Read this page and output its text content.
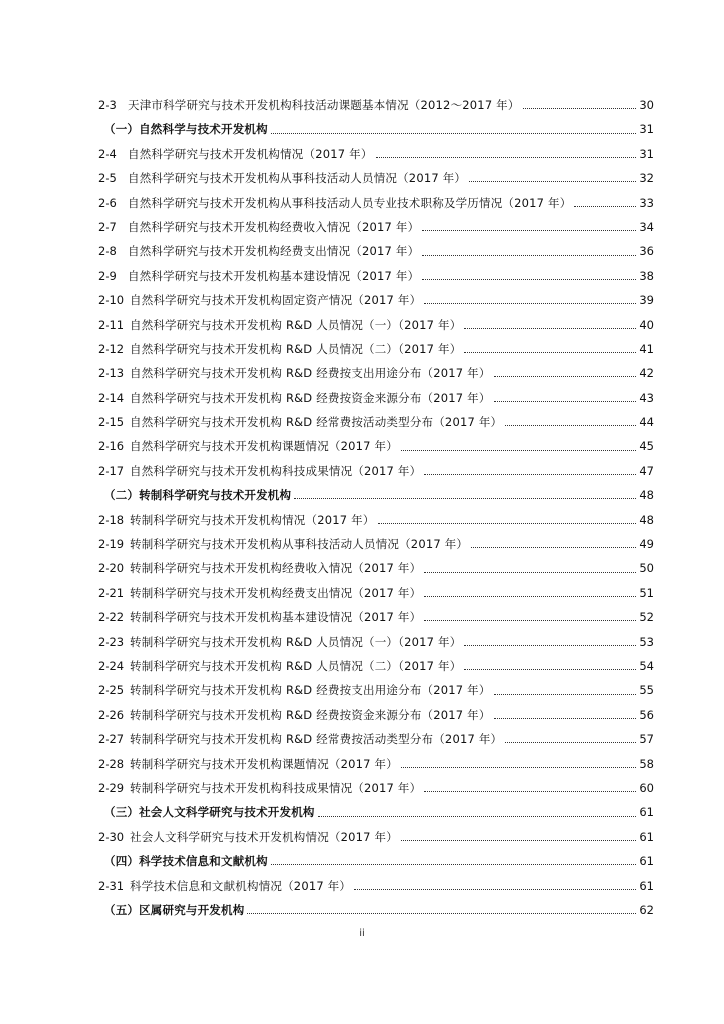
2-3 天津市科学研究与技术开发机构科技活动课题基本情况（2012～2017 年）	30
（一）自然科学与技术开发机构	31
2-4 自然科学研究与技术开发机构情况（2017 年）	31
2-5 自然科学研究与技术开发机构从事科技活动人员情况（2017 年）	32
2-6 自然科学研究与技术开发机构从事科技活动人员专业技术职称及学历情况（2017 年）	33
2-7 自然科学研究与技术开发机构经费收入情况（2017 年）	34
2-8 自然科学研究与技术开发机构经费支出情况（2017 年）	36
2-9 自然科学研究与技术开发机构基本建设情况（2017 年）	38
2-10 自然科学研究与技术开发机构固定资产情况（2017 年）	39
2-11 自然科学研究与技术开发机构 R&D 人员情况（一）（2017 年）	40
2-12 自然科学研究与技术开发机构 R&D 人员情况（二）（2017 年）	41
2-13 自然科学研究与技术开发机构 R&D 经费按支出用途分布（2017 年）	42
2-14 自然科学研究与技术开发机构 R&D 经费按资金来源分布（2017 年）	43
2-15 自然科学研究与技术开发机构 R&D 经常费按活动类型分布（2017 年）	44
2-16 自然科学研究与技术开发机构课题情况（2017 年）	45
2-17 自然科学研究与技术开发机构科技成果情况（2017 年）	47
（二）转制科学研究与技术开发机构	48
2-18 转制科学研究与技术开发机构情况（2017 年）	48
2-19 转制科学研究与技术开发机构从事科技活动人员情况（2017 年）	49
2-20 转制科学研究与技术开发机构经费收入情况（2017 年）	50
2-21 转制科学研究与技术开发机构经费支出情况（2017 年）	51
2-22 转制科学研究与技术开发机构基本建设情况（2017 年）	52
2-23 转制科学研究与技术开发机构 R&D 人员情况（一）（2017 年）	53
2-24 转制科学研究与技术开发机构 R&D 人员情况（二）（2017 年）	54
2-25 转制科学研究与技术开发机构 R&D 经费按支出用途分布（2017 年）	55
2-26 转制科学研究与技术开发机构 R&D 经费按资金来源分布（2017 年）	56
2-27 转制科学研究与技术开发机构 R&D 经常费按活动类型分布（2017 年）	57
2-28 转制科学研究与技术开发机构课题情况（2017 年）	58
2-29 转制科学研究与技术开发机构科技成果情况（2017 年）	60
（三）社会人文科学研究与技术开发机构	61
2-30 社会人文科学研究与技术开发机构情况（2017 年）	61
（四）科学技术信息和文献机构	61
2-31 科学技术信息和文献机构情况（2017 年）	61
（五）区属研究与开发机构	62
ii
